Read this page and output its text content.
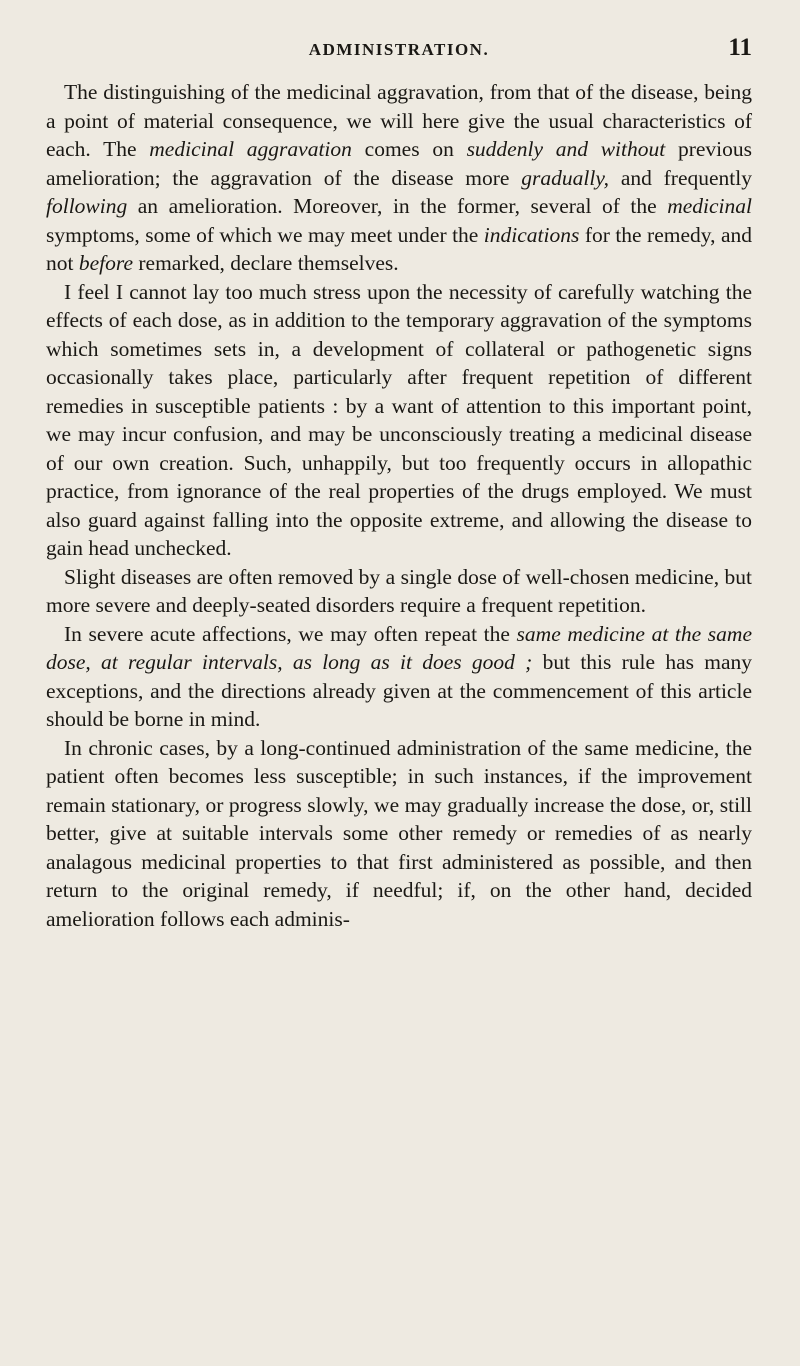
ADMINISTRATION.	11

The distinguishing of the medicinal aggravation, from that of the disease, being a point of material consequence, we will here give the usual characteristics of each. The medicinal aggravation comes on suddenly and without previous amelioration; the aggravation of the disease more gradually, and frequently following an amelioration. Moreover, in the former, several of the medicinal symptoms, some of which we may meet under the indications for the remedy, and not before remarked, declare themselves.

I feel I cannot lay too much stress upon the necessity of carefully watching the effects of each dose, as in addition to the temporary aggravation of the symptoms which sometimes sets in, a development of collateral or pathogenetic signs occasionally takes place, particularly after frequent repetition of different remedies in susceptible patients : by a want of attention to this important point, we may incur confusion, and may be unconsciously treating a medicinal disease of our own creation. Such, unhappily, but too frequently occurs in allopathic practice, from ignorance of the real properties of the drugs employed. We must also guard against falling into the opposite extreme, and allowing the disease to gain head unchecked.

Slight diseases are often removed by a single dose of well-chosen medicine, but more severe and deeply-seated disorders require a frequent repetition.

In severe acute affections, we may often repeat the same medicine at the same dose, at regular intervals, as long as it does good ; but this rule has many exceptions, and the directions already given at the commencement of this article should be borne in mind.

In chronic cases, by a long-continued administration of the same medicine, the patient often becomes less susceptible; in such instances, if the improvement remain stationary, or progress slowly, we may gradually increase the dose, or, still better, give at suitable intervals some other remedy or remedies of as nearly analagous medicinal properties to that first administered as possible, and then return to the original remedy, if needful; if, on the other hand, decided amelioration follows each adminis-
